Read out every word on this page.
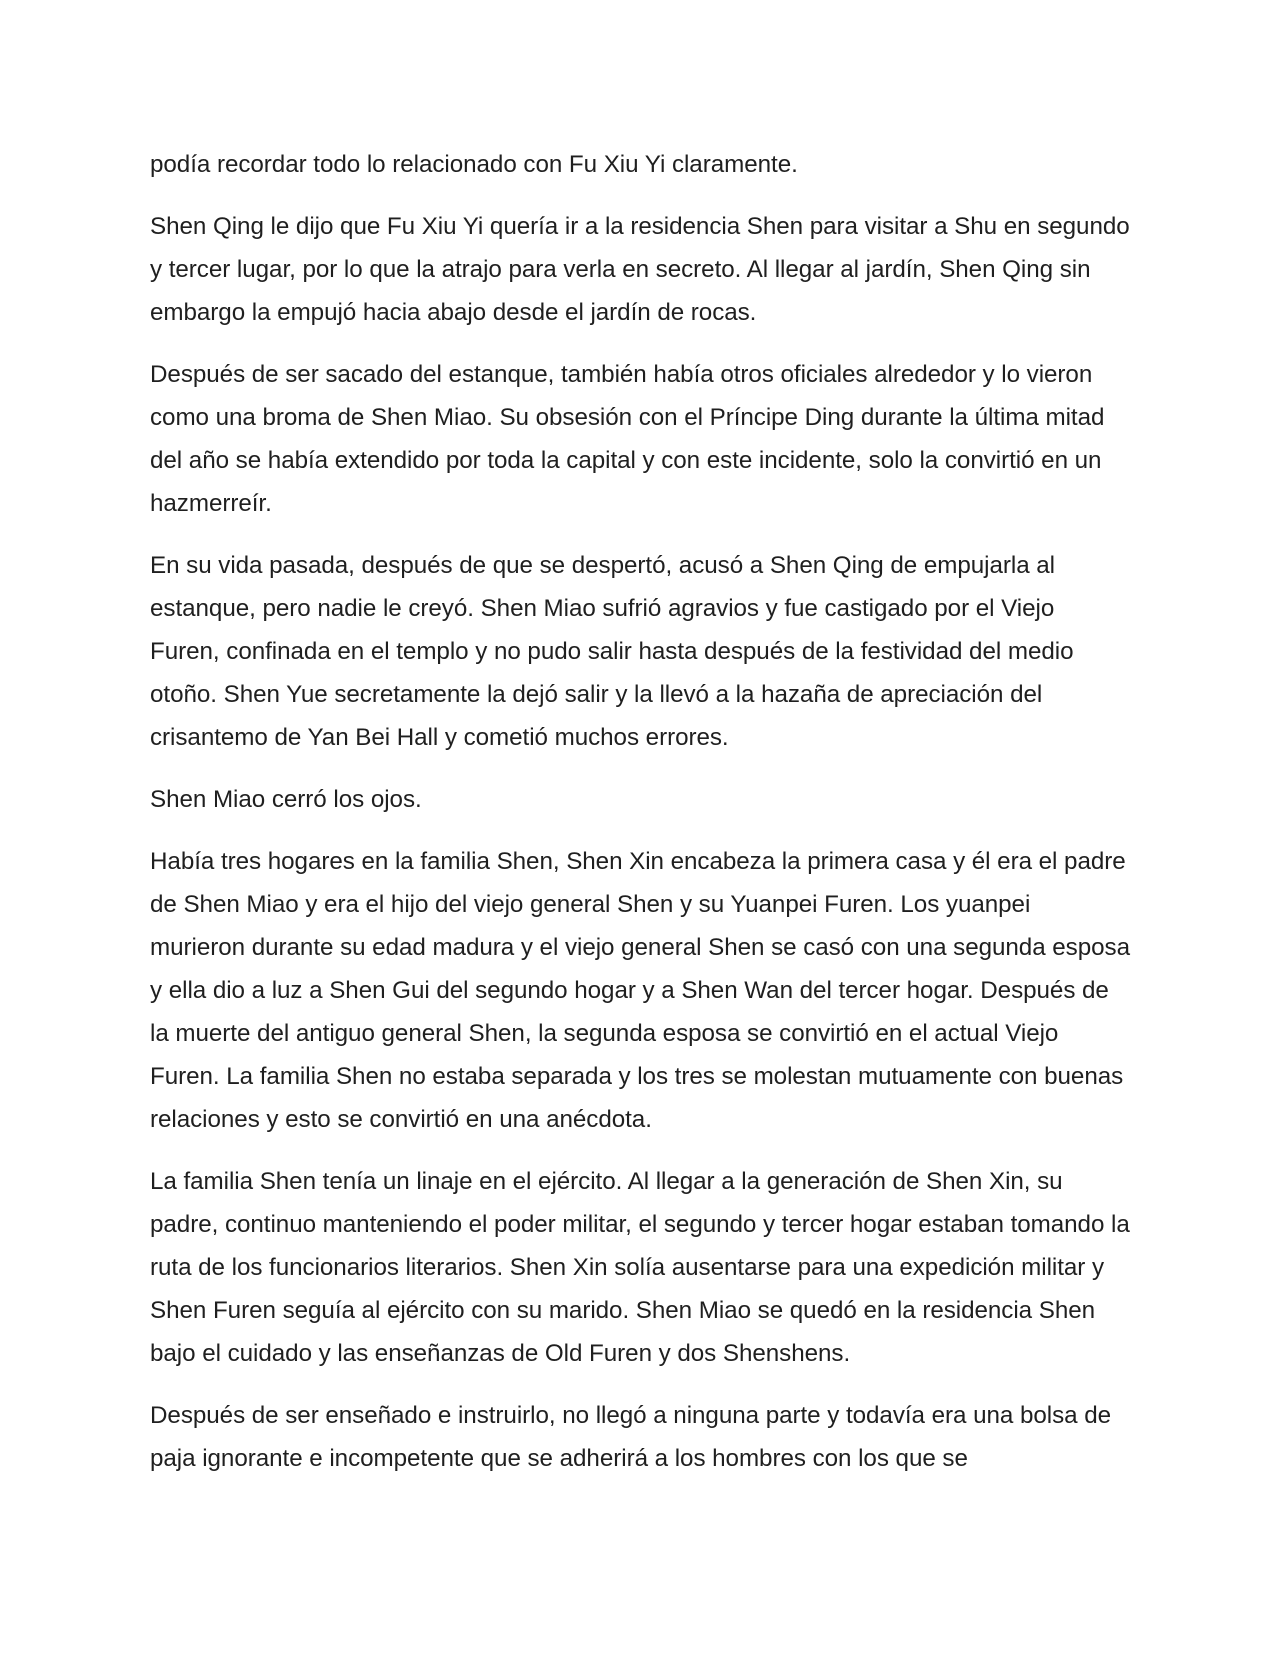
podía recordar todo lo relacionado con Fu Xiu Yi claramente.

Shen Qing le dijo que Fu Xiu Yi quería ir a la residencia Shen para visitar a Shu en segundo y tercer lugar, por lo que la atrajo para verla en secreto. Al llegar al jardín, Shen Qing sin embargo la empujó hacia abajo desde el jardín de rocas.

Después de ser sacado del estanque, también había otros oficiales alrededor y lo vieron como una broma de Shen Miao. Su obsesión con el Príncipe Ding durante la última mitad del año se había extendido por toda la capital y con este incidente, solo la convirtió en un hazmerreír.

En su vida pasada, después de que se despertó, acusó a Shen Qing de empujarla al estanque, pero nadie le creyó. Shen Miao sufrió agravios y fue castigado por el Viejo Furen, confinada en el templo y no pudo salir hasta después de la festividad del medio otoño. Shen Yue secretamente la dejó salir y la llevó a la hazaña de apreciación del crisantemo de Yan Bei Hall y cometió muchos errores.

Shen Miao cerró los ojos.

Había tres hogares en la familia Shen, Shen Xin encabeza la primera casa y él era el padre de Shen Miao y era el hijo del viejo general Shen y su Yuanpei Furen. Los yuanpei murieron durante su edad madura y el viejo general Shen se casó con una segunda esposa y ella dio a luz a Shen Gui del segundo hogar y a Shen Wan del tercer hogar. Después de la muerte del antiguo general Shen, la segunda esposa se convirtió en el actual Viejo Furen. La familia Shen no estaba separada y los tres se molestan mutuamente con buenas relaciones y esto se convirtió en una anécdota.

La familia Shen tenía un linaje en el ejército. Al llegar a la generación de Shen Xin, su padre, continuo manteniendo el poder militar, el segundo y tercer hogar estaban tomando la ruta de los funcionarios literarios. Shen Xin solía ausentarse para una expedición militar y Shen Furen seguía al ejército con su marido. Shen Miao se quedó en la residencia Shen bajo el cuidado y las enseñanzas de Old Furen y dos Shenshens.

Después de ser enseñado e instruirlo, no llegó a ninguna parte y todavía era una bolsa de paja ignorante e incompetente que se adherirá a los hombres con los que se
